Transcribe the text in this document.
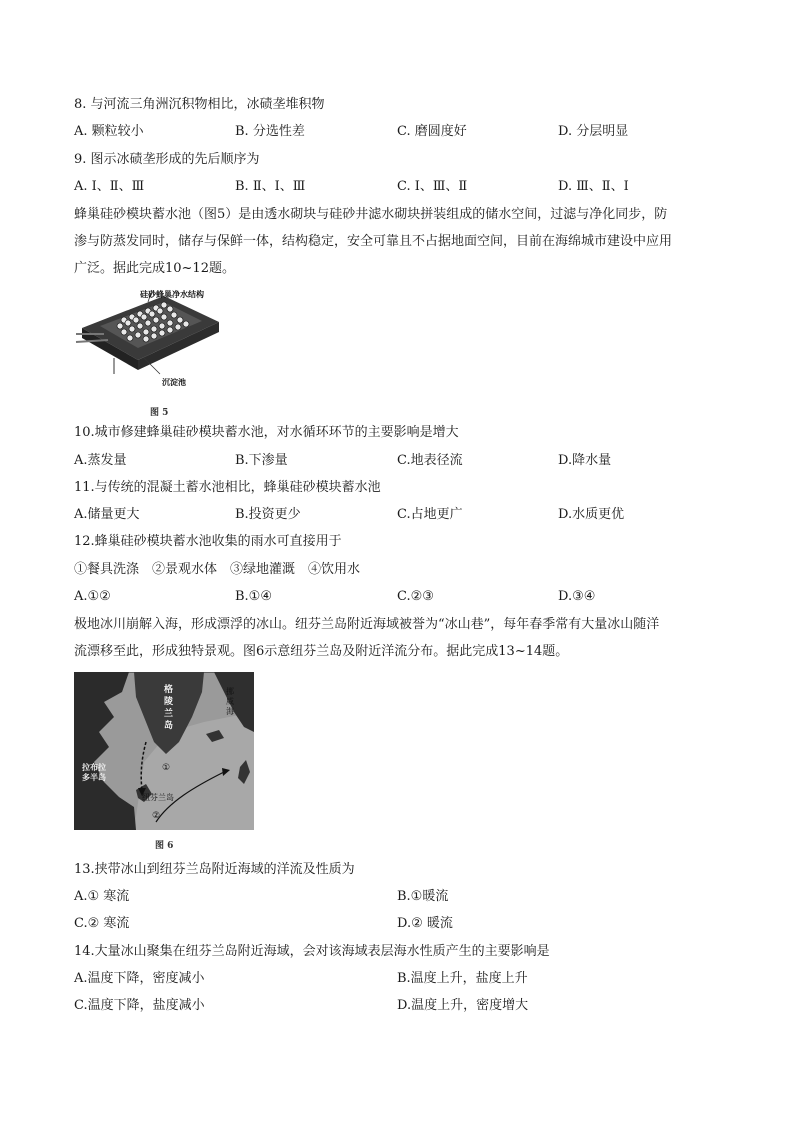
8. 与河流三角洲沉积物相比，冰碛垄堆积物
A. 颗粒较小	B. 分选性差	C. 磨圆度好	D. 分层明显
9. 图示冰碛垄形成的先后顺序为
A. Ⅰ、Ⅱ、Ⅲ	B. Ⅱ、Ⅰ、Ⅲ	C. Ⅰ、Ⅲ、Ⅱ	D. Ⅲ、Ⅱ、Ⅰ
蜂巢硅砂模块蓄水池（图5）是由透水砌块与硅砂井滤水砌块拼装组成的储水空间，过滤与净化同步，防
渗与防蒸发同时，储存与保鲜一体，结构稳定，安全可靠且不占据地面空间，目前在海绵城市建设中应用
广泛。据此完成10~12题。
硅砂蜂巢净水结构
沉淀池
图 5
10.城市修建蜂巢硅砂模块蓄水池，对水循环环节的主要影响是增大
A.蒸发量	B.下渗量	C.地表径流	D.降水量
11.与传统的混凝土蓄水池相比，蜂巢硅砂模块蓄水池
A.储量更大	B.投资更少	C.占地更广	D.水质更优
12.蜂巢硅砂模块蓄水池收集的雨水可直接用于
①餐具洗涤　②景观水体　③绿地灌溉　④饮用水
A.①②	B.①④	C.②③	D.③④
极地冰川崩解入海，形成漂浮的冰山。纽芬兰岛附近海域被誉为“冰山巷”，每年春季常有大量冰山随洋
流漂移至此，形成独特景观。图6示意纽芬兰岛及附近洋流分布。据此完成13~14题。
格
陵
兰
岛
挪
威
海
拉布拉
多半岛
纽芬兰岛
①
②
图 6
13.挟带冰山到纽芬兰岛附近海域的洋流及性质为
A.① 寒流	B.①暖流
C.② 寒流	D.② 暖流
14.大量冰山聚集在纽芬兰岛附近海域，会对该海域表层海水性质产生的主要影响是
A.温度下降，密度减小	B.温度上升，盐度上升
C.温度下降，盐度减小	D.温度上升，密度增大
